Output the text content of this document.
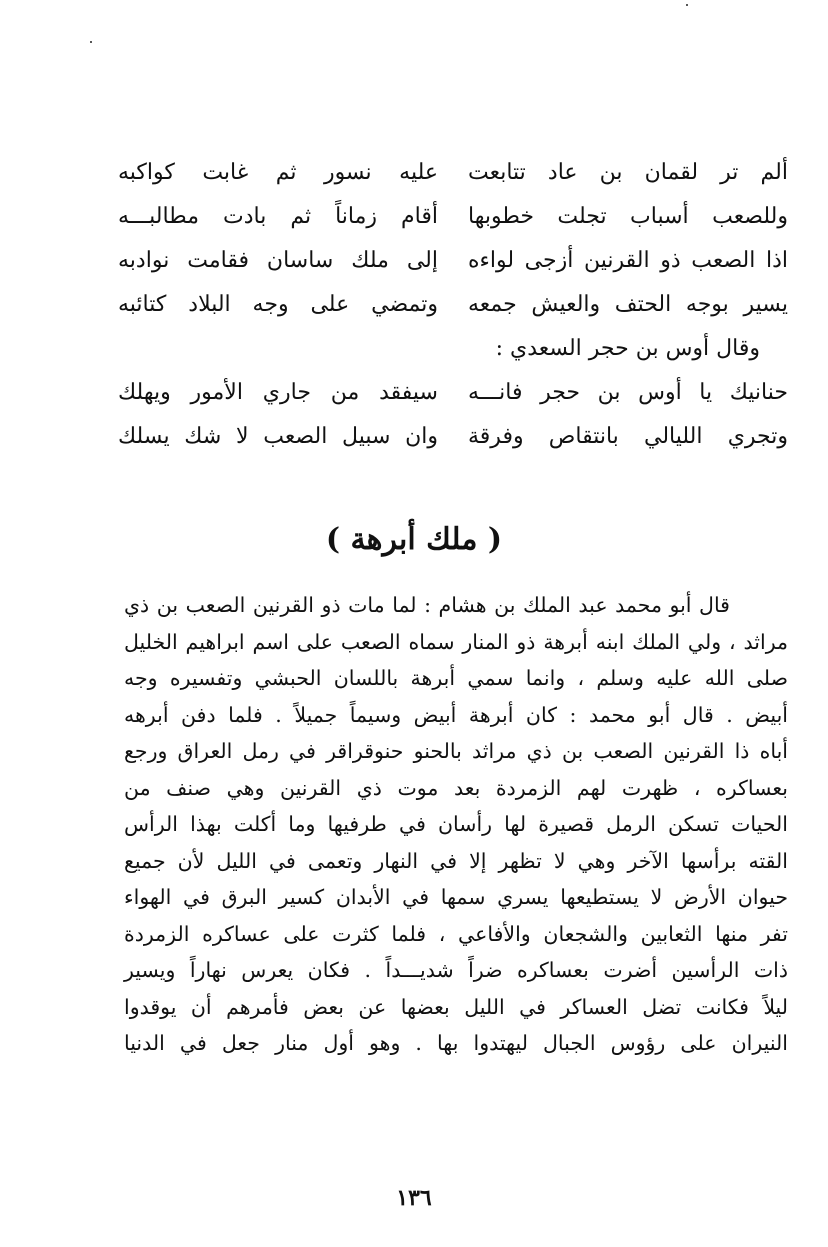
ألم تر لقمان بن عاد تتابعت
عليه نسور ثم غابت كواكبه
وللصعب أسباب تجلت خطوبها
أقام زماناً ثم بادت مطالبـــه
اذا الصعب ذو القرنين أزجى لواءه
إلى ملك ساسان فقامت نوادبه
يسير بوجه الحتف والعيش جمعه
وتمضي على وجه البلاد كتائبه
وقال أوس بن حجر السعدي :
حنانيك يا أوس بن حجر فانـــه
سيفقد من جاري الأمور ويهلك
وتجري الليالي بانتقاص وفرقة
وان سبيل الصعب لا شك يسلك
( ملك أبرهة )
قال أبو محمد عبد الملك بن هشام : لما مات ذو القرنين الصعب بن ذي
مراثد ، ولي الملك ابنه أبرهة ذو المنار سماه الصعب على اسم ابراهيم الخليل
صلى الله عليه وسلم ، وانما سمي أبرهة باللسان الحبشي وتفسيره وجه
أبيض . قال أبو محمد : كان أبرهة أبيض وسيماً جميلاً . فلما دفن أبرهه
أباه ذا القرنين الصعب بن ذي مراثد بالحنو حنوقراقر في رمل العراق ورجع
بعساكره ، ظهرت لهم الزمردة بعد موت ذي القرنين وهي صنف من
الحيات تسكن الرمل قصيرة لها رأسان في طرفيها وما أكلت بهذا الرأس
القته برأسها الآخر وهي لا تظهر إلا في النهار وتعمى في الليل لأن جميع
حيوان الأرض لا يستطيعها يسري سمها في الأبدان كسير البرق في الهواء
تفر منها الثعابين والشجعان والأفاعي ، فلما كثرت على عساكره الزمردة
ذات الرأسين أضرت بعساكره ضراً شديـــداً . فكان يعرس نهاراً ويسير
ليلاً فكانت تضل العساكر في الليل بعضها عن بعض فأمرهم أن يوقدوا
النيران على رؤوس الجبال ليهتدوا بها . وهو أول منار جعل في الدنيا
١٣٦
